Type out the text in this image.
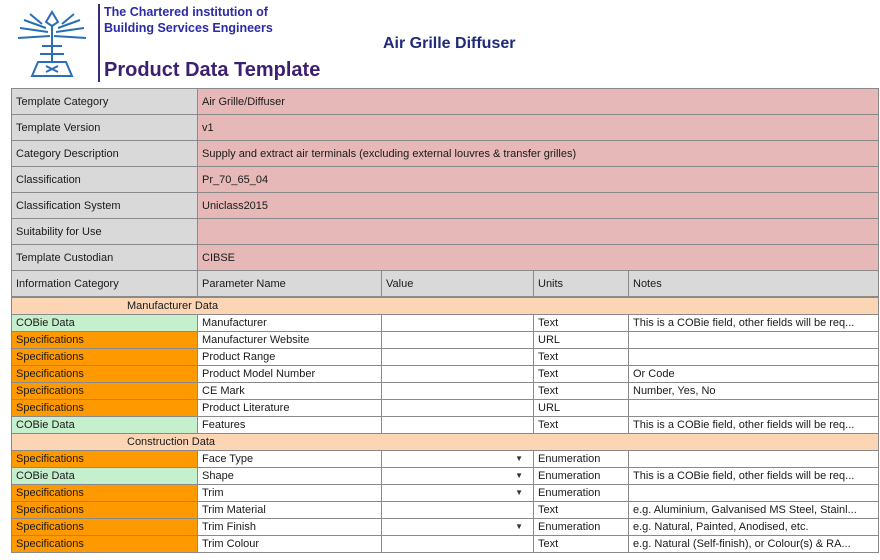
The Chartered institution of
Building Services Engineers
Product Data Template
Air Grille Diffuser
Template Category	Air Grille/Diffuser			
Template Version	v1			
Category Description	Supply and extract air terminals (excluding external louvres & transfer grilles)			
Classification	Pr_70_65_04			
Classification System	Uniclass2015			
Suitability for Use				
Template Custodian	CIBSE			
Information Category	Parameter Name	Value	Units	Notes
Manufacturer Data				
COBie Data	Manufacturer		Text	This is a COBie field, other fields will be req...
Specifications	Manufacturer Website		URL	
Specifications	Product Range		Text	
Specifications	Product Model Number		Text	Or Code
Specifications	CE Mark		Text	Number, Yes, No
Specifications	Product Literature		URL	
COBie Data	Features		Text	This is a COBie field, other fields will be req...
Construction Data				
Specifications	Face Type	▼	Enumeration	
COBie Data	Shape	▼	Enumeration	This is a COBie field, other fields will be req...
Specifications	Trim	▼	Enumeration	
Specifications	Trim Material		Text	e.g. Aluminium, Galvanised MS Steel, Stainl...
Specifications	Trim Finish	▼	Enumeration	e.g. Natural, Painted, Anodised, etc.
Specifications	Trim Colour		Text	e.g. Natural (Self-finish), or Colour(s) & RA...
